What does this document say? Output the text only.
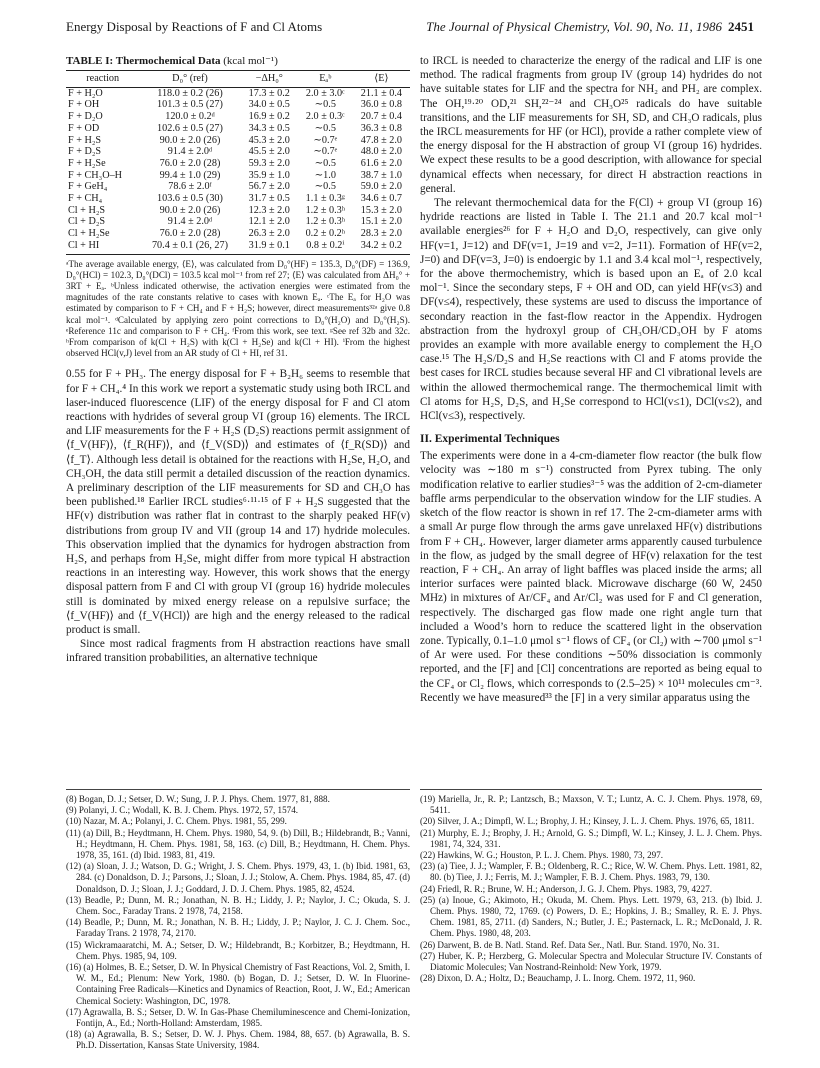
Energy Disposal by Reactions of F and Cl Atoms	The Journal of Physical Chemistry, Vol. 90, No. 11, 1986 2451
TABLE I: Thermochemical Data (kcal mol⁻¹)
reaction	D₀° (ref)	−ΔH₀°	Eₐᵇ	⟨E⟩
F + H₂O	118.0 ± 0.2 (26)	17.3 ± 0.2	2.0 ± 3.0ᶜ	21.1 ± 0.4
F + OH	101.3 ± 0.5 (27)	34.0 ± 0.5	∼0.5	36.0 ± 0.8
F + D₂O	120.0 ± 0.2ᵈ	16.9 ± 0.2	2.0 ± 0.3ᶜ	20.7 ± 0.4
F + OD	102.6 ± 0.5 (27)	34.3 ± 0.5	∼0.5	36.3 ± 0.8
F + H₂S	90.0 ± 2.0 (26)	45.3 ± 2.0	∼0.7ᵉ	47.8 ± 2.0
F + D₂S	91.4 ± 2.0ᵈ	45.5 ± 2.0	∼0.7ᵉ	48.0 ± 2.0
F + H₂Se	76.0 ± 2.0 (28)	59.3 ± 2.0	∼0.5	61.6 ± 2.0
F + CH₃O–H	99.4 ± 1.0 (29)	35.9 ± 1.0	∼1.0	38.7 ± 1.0
F + GeH₄	78.6 ± 2.0ᶠ	56.7 ± 2.0	∼0.5	59.0 ± 2.0
F + CH₄	103.6 ± 0.5 (30)	31.7 ± 0.5	1.1 ± 0.3ᵍ	34.6 ± 0.7
Cl + H₂S	90.0 ± 2.0 (26)	12.3 ± 2.0	1.2 ± 0.3ʰ	15.3 ± 2.0
Cl + D₂S	91.4 ± 2.0ᵈ	12.1 ± 2.0	1.2 ± 0.3ʰ	15.1 ± 2.0
Cl + H₂Se	76.0 ± 2.0 (28)	26.3 ± 2.0	0.2 ± 0.2ʰ	28.3 ± 2.0
Cl + HI	70.4 ± 0.1 (26, 27)	31.9 ± 0.1	0.8 ± 0.2ⁱ	34.2 ± 0.2

ᵃThe average available energy, ⟨E⟩, was calculated from D₀°(HF) = 135.3, D₀°(DF) = 136.9, D₀°(HCl) = 102.3, D₀°(DCl) = 103.5 kcal mol⁻¹ from ref 27; ⟨E⟩ was calculated from ΔH₀° + 3RT + Eₐ. ᵇUnless indicated otherwise, the activation energies were estimated from the magnitudes of the rate constants relative to cases with known Eₐ. ᶜThe Eₐ for H₂O was estimated by comparison to F + CH₄ and F + H₂S; however, direct measurements³²ᵃ give 0.8 kcal mol⁻¹. ᵈCalculated by applying zero point corrections to D₀°(H₂O) and D₀°(H₂S). ᵉReference 11c and comparison to F + CH₄. ᶠFrom this work, see text. ᵍSee ref 32b and 32c. ʰFrom comparison of k(Cl + H₂S) with k(Cl + H₂Se) and k(Cl + HI). ⁱFrom the highest observed HCl(v,J) level from an AR study of Cl + HI, ref 31.

0.55 for F + PH₃. The energy disposal for F + B₂H₆ seems to resemble that for F + CH₄.⁴ In this work we report a systematic study using both IRCL and laser-induced fluorescence (LIF) of the energy disposal for F and Cl atom reactions with hydrides of several group VI (group 16) elements. The IRCL and LIF measurements for the F + H₂S (D₂S) reactions permit assignment of ⟨f_V(HF)⟩, ⟨f_R(HF)⟩, and ⟨f_V(SD)⟩ and estimates of ⟨f_R(SD)⟩ and ⟨f_T⟩. Although less detail is obtained for the reactions with H₂Se, H₂O, and CH₃OH, the data still permit a detailed discussion of the reaction dynamics. A preliminary description of the LIF measurements for SD and CH₃O has been published.¹⁸ Earlier IRCL studies⁶·¹¹·¹⁵ of F + H₂S suggested that the HF(v) distribution was rather flat in contrast to the sharply peaked HF(v) distributions from group IV and VII (group 14 and 17) hydride molecules. This observation implied that the dynamics for hydrogen abstraction from H₂S, and perhaps from H₂Se, might differ from more typical H abstraction reactions in an interesting way. However, this work shows that the energy disposal pattern from F and Cl with group VI (group 16) hydride molecules still is dominated by mixed energy release on a repulsive surface; the ⟨f_V(HF)⟩ and ⟨f_V(HCl)⟩ are high and the energy released to the radical product is small.

Since most radical fragments from H abstraction reactions have small infrared transition probabilities, an alternative technique

to IRCL is needed to characterize the energy of the radical and LIF is one method. The radical fragments from group IV (group 14) hydrides do not have suitable states for LIF and the spectra for NH₂ and PH₂ are complex. The OH,¹⁹·²⁰ OD,²¹ SH,²²⁻²⁴ and CH₃O²⁵ radicals do have suitable transitions, and the LIF measurements for SH, SD, and CH₃O radicals, plus the IRCL measurements for HF (or HCl), provide a rather complete view of the energy disposal for the H abstraction of group VI (group 16) hydrides. We expect these results to be a good description, with allowance for special dynamical effects when necessary, for direct H abstraction reactions in general.

The relevant thermochemical data for the F(Cl) + group VI (group 16) hydride reactions are listed in Table I. The 21.1 and 20.7 kcal mol⁻¹ available energies²⁶ for F + H₂O and D₂O, respectively, can give only HF(v=1, J=12) and DF(v=1, J=19 and v=2, J=11). Formation of HF(v=2, J=0) and DF(v=3, J=0) is endoergic by 1.1 and 3.4 kcal mol⁻¹, respectively, for the above thermochemistry, which is based upon an Eₐ of 2.0 kcal mol⁻¹. Since the secondary steps, F + OH and OD, can yield HF(v≤3) and DF(v≤4), respectively, these systems are used to discuss the importance of secondary reaction in the fast-flow reactor in the Appendix. Hydrogen abstraction from the hydroxyl group of CH₃OH/CD₃OH by F atoms provides an example with more available energy to complement the H₂O case.¹⁵ The H₂S/D₂S and H₂Se reactions with Cl and F atoms provide the best cases for IRCL studies because several HF and Cl vibrational levels are within the allowed thermochemical range. The thermochemical limit with Cl atoms for H₂S, D₂S, and H₂Se correspond to HCl(v≤1), DCl(v≤2), and HCl(v≤3), respectively.

II. Experimental Techniques

The experiments were done in a 4-cm-diameter flow reactor (the bulk flow velocity was ∼180 m s⁻¹) constructed from Pyrex tubing. The only modification relative to earlier studies³⁻⁵ was the addition of 2-cm-diameter baffle arms perpendicular to the observation window for the LIF studies. A sketch of the flow reactor is shown in ref 17. The 2-cm-diameter arms with a small Ar purge flow through the arms gave unrelaxed HF(v) distributions from F + CH₄. However, larger diameter arms apparently caused turbulence in the flow, as judged by the small degree of HF(v) relaxation for the test reaction, F + CH₄. An array of light baffles was placed inside the arms; all interior surfaces were painted black. Microwave discharge (60 W, 2450 MHz) in mixtures of Ar/CF₄ and Ar/Cl₂ was used for F and Cl generation, respectively. The discharged gas flow made one right angle turn that included a Wood’s horn to reduce the scattered light in the observation zone. Typically, 0.1–1.0 μmol s⁻¹ flows of CF₄ (or Cl₂) with ∼700 μmol s⁻¹ of Ar were used. For these conditions ∼50% dissociation is commonly reported, and the [F] and [Cl] concentrations are reported as being equal to the CF₄ or Cl₂ flows, which corresponds to (2.5–25) × 10¹¹ molecules cm⁻³. Recently we have measured³³ the [F] in a very similar apparatus using the

(8) Bogan, D. J.; Setser, D. W.; Sung, J. P. J. Phys. Chem. 1977, 81, 888.

(9) Polanyi, J. C.; Wodall, K. B. J. Chem. Phys. 1972, 57, 1574.

(10) Nazar, M. A.; Polanyi, J. C. Chem. Phys. 1981, 55, 299.

(11) (a) Dill, B.; Heydtmann, H. Chem. Phys. 1980, 54, 9. (b) Dill, B.; Hildebrandt, B.; Vanni, H.; Heydtmann, H. Chem. Phys. 1981, 58, 163. (c) Dill, B.; Heydtmann, H. Chem. Phys. 1978, 35, 161. (d) Ibid. 1983, 81, 419.

(12) (a) Sloan, J. J.; Watson, D. G.; Wright, J. S. Chem. Phys. 1979, 43, 1. (b) Ibid. 1981, 63, 284. (c) Donaldson, D. J.; Parsons, J.; Sloan, J. J.; Stolow, A. Chem. Phys. 1984, 85, 47. (d) Donaldson, D. J.; Sloan, J. J.; Goddard, J. D. J. Chem. Phys. 1985, 82, 4524.

(13) Beadle, P.; Dunn, M. R.; Jonathan, N. B. H.; Liddy, J. P.; Naylor, J. C.; Okuda, S. J. Chem. Soc., Faraday Trans. 2 1978, 74, 2158.

(14) Beadle, P.; Dunn, M. R.; Jonathan, N. B. H.; Liddy, J. P.; Naylor, J. C. J. Chem. Soc., Faraday Trans. 2 1978, 74, 2170.

(15) Wickramaaratchi, M. A.; Setser, D. W.; Hildebrandt, B.; Korbitzer, B.; Heydtmann, H. Chem. Phys. 1985, 94, 109.

(16) (a) Holmes, B. E.; Setser, D. W. In Physical Chemistry of Fast Reactions, Vol. 2, Smith, I. W. M., Ed.; Plenum: New York, 1980. (b) Bogan, D. J.; Setser, D. W. In Fluorine-Containing Free Radicals—Kinetics and Dynamics of Reaction, Root, J. W., Ed.; American Chemical Society: Washington, DC, 1978.

(17) Agrawalla, B. S.; Setser, D. W. In Gas-Phase Chemiluminescence and Chemi-Ionization, Fontijn, A., Ed.; North-Holland: Amsterdam, 1985.

(18) (a) Agrawalla, B. S.; Setser, D. W. J. Phys. Chem. 1984, 88, 657. (b) Agrawalla, B. S. Ph.D. Dissertation, Kansas State University, 1984.

(19) Mariella, Jr., R. P.; Lantzsch, B.; Maxson, V. T.; Luntz, A. C. J. Chem. Phys. 1978, 69, 5411.

(20) Silver, J. A.; Dimpfl, W. L.; Brophy, J. H.; Kinsey, J. L. J. Chem. Phys. 1976, 65, 1811.

(21) Murphy, E. J.; Brophy, J. H.; Arnold, G. S.; Dimpfl, W. L.; Kinsey, J. L. J. Chem. Phys. 1981, 74, 324, 331.

(22) Hawkins, W. G.; Houston, P. L. J. Chem. Phys. 1980, 73, 297.

(23) (a) Tiee, J. J.; Wampler, F. B.; Oldenberg, R. C.; Rice, W. W. Chem. Phys. Lett. 1981, 82, 80. (b) Tiee, J. J.; Ferris, M. J.; Wampler, F. B. J. Chem. Phys. 1983, 79, 130.

(24) Friedl, R. R.; Brune, W. H.; Anderson, J. G. J. Chem. Phys. 1983, 79, 4227.

(25) (a) Inoue, G.; Akimoto, H.; Okuda, M. Chem. Phys. Lett. 1979, 63, 213. (b) Ibid. J. Chem. Phys. 1980, 72, 1769. (c) Powers, D. E.; Hopkins, J. B.; Smalley, R. E. J. Phys. Chem. 1981, 85, 2711. (d) Sanders, N.; Butler, J. E.; Pasternack, L. R.; McDonald, J. R. Chem. Phys. 1980, 48, 203.

(26) Darwent, B. de B. Natl. Stand. Ref. Data Ser., Natl. Bur. Stand. 1970, No. 31.

(27) Huber, K. P.; Herzberg, G. Molecular Spectra and Molecular Structure IV. Constants of Diatomic Molecules; Van Nostrand-Reinhold: New York, 1979.

(28) Dixon, D. A.; Holtz, D.; Beauchamp, J. L. Inorg. Chem. 1972, 11, 960.
